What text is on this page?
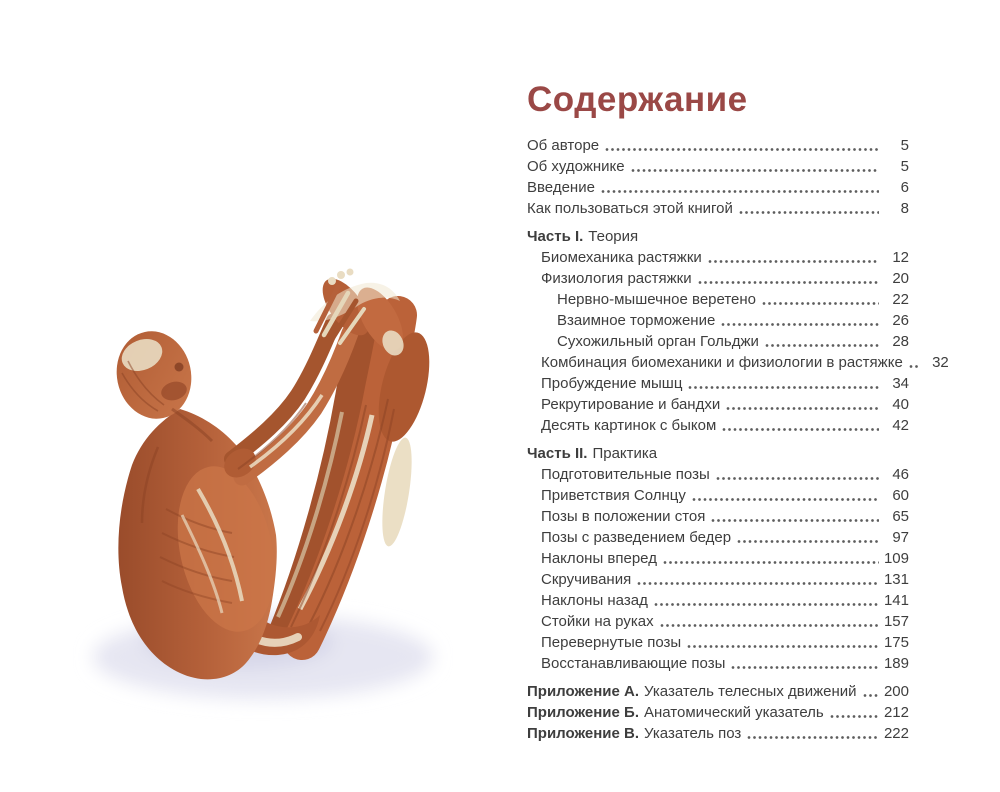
Содержание
Об авторе	5
Об художнике	5
Введение	6
Как пользоваться этой книгой	8
Часть I. Теория
Биомеханика растяжки	12
Физиология растяжки	20
Нервно-мышечное веретено	22
Взаимное торможение	26
Сухожильный орган Гольджи	28
Комбинация биомеханики и физиологии в растяжке	32
Пробуждение мышц	34
Рекрутирование и бандхи	40
Десять картинок с быком	42
Часть II. Практика
Подготовительные позы	46
Приветствия Солнцу	60
Позы в положении стоя	65
Позы с разведением бедер	97
Наклоны вперед	109
Скручивания	131
Наклоны назад	141
Стойки на руках	157
Перевернутые позы	175
Восстанавливающие позы	189
Приложение А. Указатель телесных движений 200
Приложение Б. Анатомический указатель	212
Приложение В. Указатель поз	222
